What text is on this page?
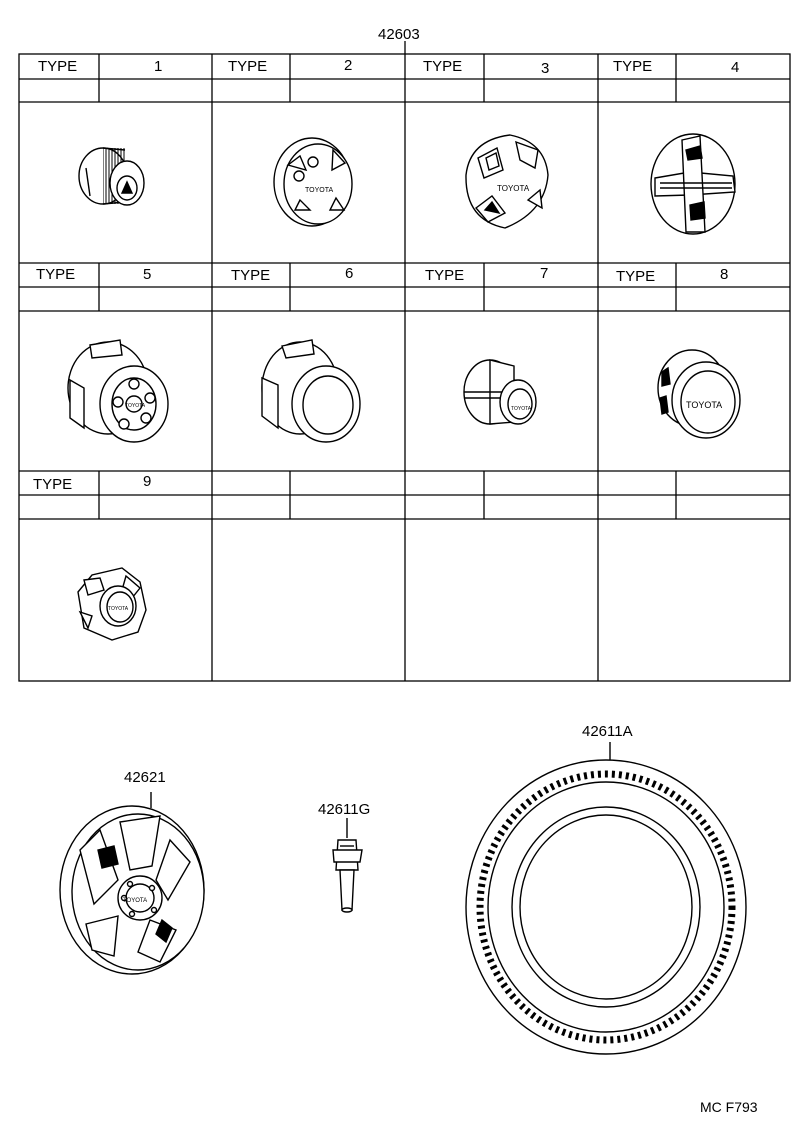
42603
TYPE	1	TYPE	2	TYPE	3	TYPE	4
TYPE	5	TYPE	6	TYPE	7	TYPE	8
TYPE	9
TOYOTA	TOYOTA
TOYOTA	TOYOTA	TOYOTA
TOYOTA
TOYOTA
42621
42611G
42611A
MC F793
